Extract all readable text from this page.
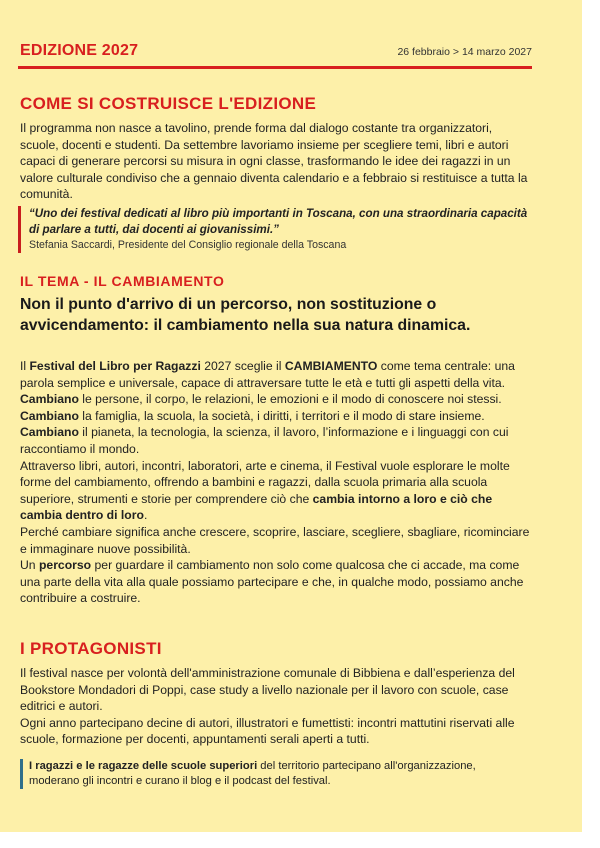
EDIZIONE 2027	26 febbraio > 14 marzo 2027
COME SI COSTRUISCE L'EDIZIONE

Il programma non nasce a tavolino, prende forma dal dialogo costante tra organizzatori, scuole, docenti e studenti. Da settembre lavoriamo insieme per scegliere temi, libri e autori capaci di generare percorsi su misura in ogni classe, trasformando le idee dei ragazzi in un valore culturale condiviso che a gennaio diventa calendario e a febbraio si restituisce a tutta la comunità.

“Uno dei festival dedicati al libro più importanti in Toscana, con una straordinaria capacità di parlare a tutti, dai docenti ai giovanissimi.”
Stefania Saccardi, Presidente del Consiglio regionale della Toscana
IL TEMA - IL CAMBIAMENTO

Non il punto d'arrivo di un percorso, non sostituzione o avvicendamento: il cambiamento nella sua natura dinamica.

Il Festival del Libro per Ragazzi 2027 sceglie il CAMBIAMENTO come tema centrale: una parola semplice e universale, capace di attraversare tutte le età e tutti gli aspetti della vita.
Cambiano le persone, il corpo, le relazioni, le emozioni e il modo di conoscere noi stessi.
Cambiano la famiglia, la scuola, la società, i diritti, i territori e il modo di stare insieme.
Cambiano il pianeta, la tecnologia, la scienza, il lavoro, l’informazione e i linguaggi con cui raccontiamo il mondo.
Attraverso libri, autori, incontri, laboratori, arte e cinema, il Festival vuole esplorare le molte forme del cambiamento, offrendo a bambini e ragazzi, dalla scuola primaria alla scuola superiore, strumenti e storie per comprendere ciò che cambia intorno a loro e ciò che cambia dentro di loro.
Perché cambiare significa anche crescere, scoprire, lasciare, scegliere, sbagliare, ricominciare e immaginare nuove possibilità.
Un percorso per guardare il cambiamento non solo come qualcosa che ci accade, ma come una parte della vita alla quale possiamo partecipare e che, in qualche modo, possiamo anche contribuire a costruire.
I PROTAGONISTI
Il festival nasce per volontà dell'amministrazione comunale di Bibbiena e dall’esperienza del Bookstore Mondadori di Poppi, case study a livello nazionale per il lavoro con scuole, case editrici e autori.
Ogni anno partecipano decine di autori, illustratori e fumettisti: incontri mattutini riservati alle scuole, formazione per docenti, appuntamenti serali aperti a tutti.
I ragazzi e le ragazze delle scuole superiori del territorio partecipano all'organizzazione, moderano gli incontri e curano il blog e il podcast del festival.
